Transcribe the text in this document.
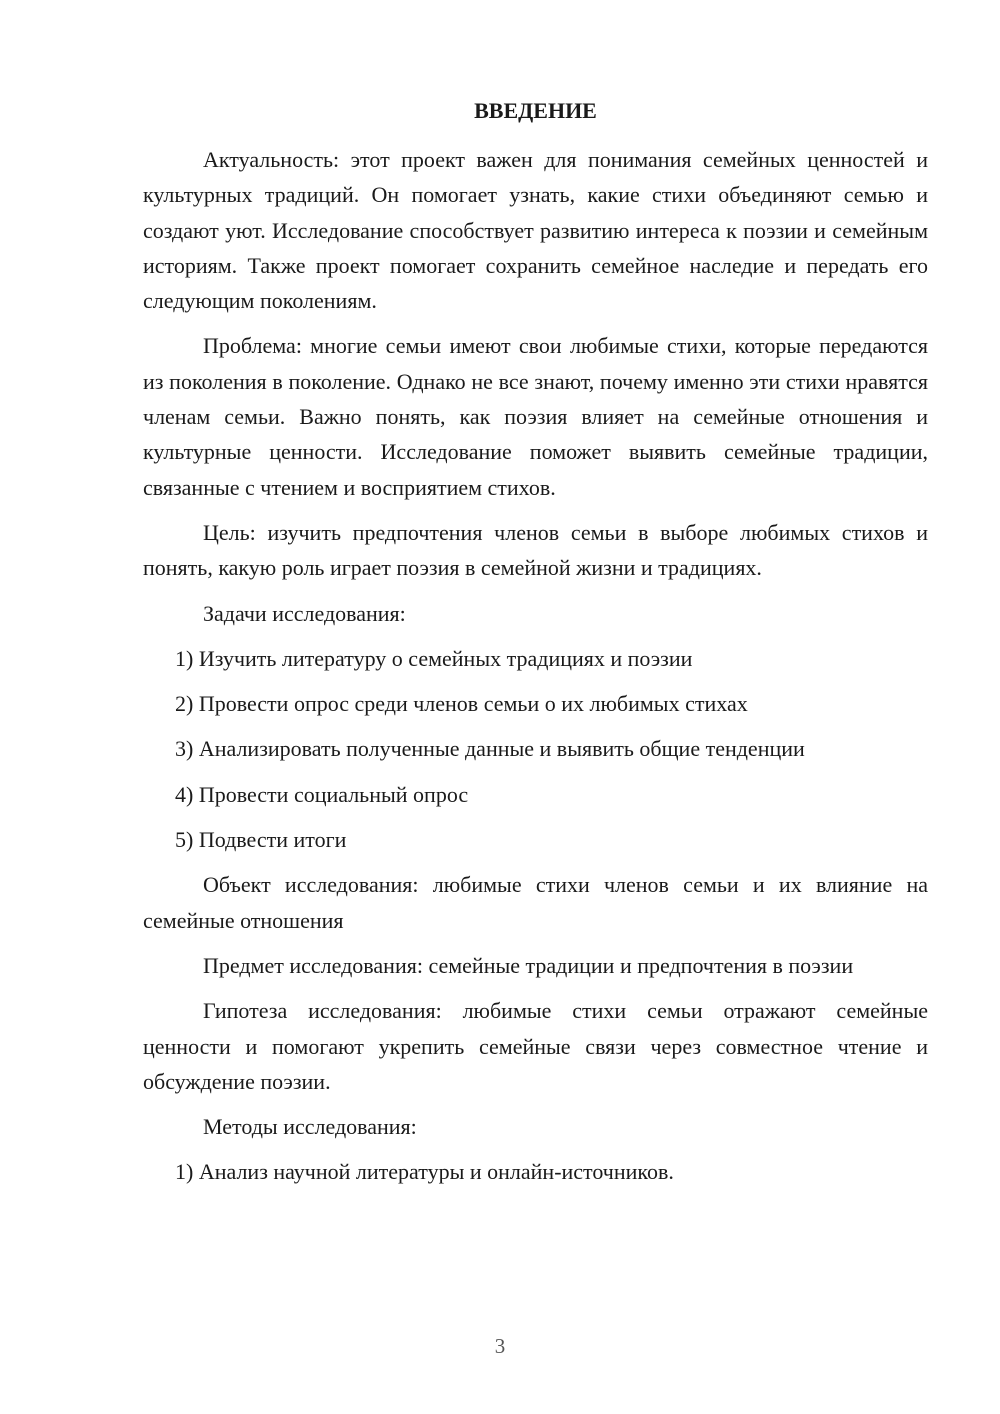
ВВЕДЕНИЕ

Актуальность: этот проект важен для понимания семейных ценностей и культурных традиций. Он помогает узнать, какие стихи объединяют семью и создают уют. Исследование способствует развитию интереса к поэзии и семейным историям. Также проект помогает сохранить семейное наследие и передать его следующим поколениям.

Проблема: многие семьи имеют свои любимые стихи, которые передаются из поколения в поколение. Однако не все знают, почему именно эти стихи нравятся членам семьи. Важно понять, как поэзия влияет на семейные отношения и культурные ценности. Исследование поможет выявить семейные традиции, связанные с чтением и восприятием стихов.

Цель: изучить предпочтения членов семьи в выборе любимых стихов и понять, какую роль играет поэзия в семейной жизни и традициях.

Задачи исследования:

1) Изучить литературу о семейных традициях и поэзии
2) Провести опрос среди членов семьи о их любимых стихах
3) Анализировать полученные данные и выявить общие тенденции
4) Провести социальный опрос
5) Подвести итоги

Объект исследования: любимые стихи членов семьи и их влияние на семейные отношения

Предмет исследования: семейные традиции и предпочтения в поэзии

Гипотеза исследования: любимые стихи семьи отражают семейные ценности и помогают укрепить семейные связи через совместное чтение и обсуждение поэзии.

Методы исследования:

1) Анализ научной литературы и онлайн-источников.
3
